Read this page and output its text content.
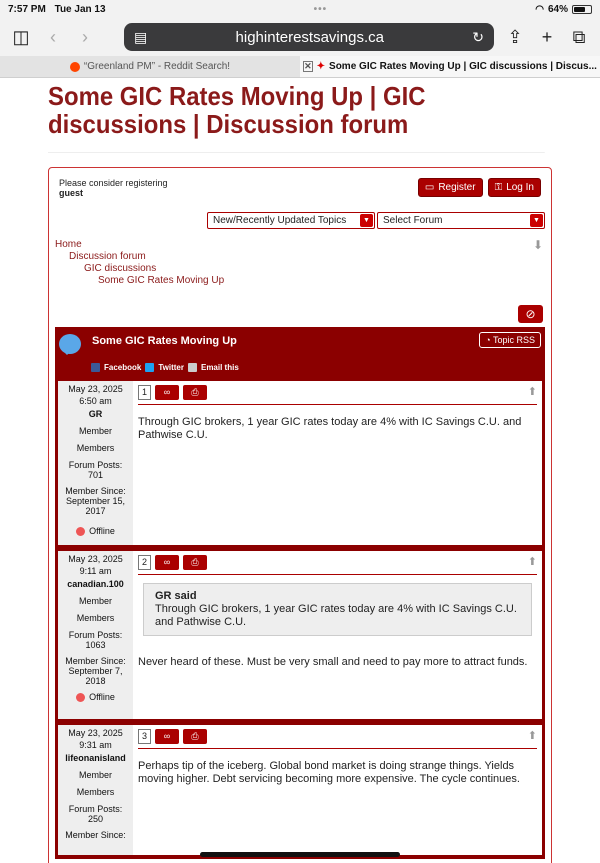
7:57 PM Tue Jan 13	•••	◠ 64%
◫	‹	›	▤	highinterestsavings.ca	↻ ⇪	+	⧉
“Greenland PM” - Reddit Search!	✕ ✦ Some GIC Rates Moving Up | GIC discussions | Discus...
Some GIC Rates Moving Up | GIC discussions | Discussion forum
Please consider registering
guest	▭ Register ⚿ Log In
New/Recently Updated Topics	▼	Select Forum	▼
Home
Discussion forum
GIC discussions
Some GIC Rates Moving Up
⬇
⊘
Some GIC Rates Moving Up	◔ Topic RSS
Facebook Twitter Email this
May 23, 2025
6:50 am
GR
Member
Members
Forum Posts:
701
Member Since:
September 15, 2017
Offline
1	∞	⎙	⬆
Through GIC brokers, 1 year GIC rates today are 4% with IC Savings C.U. and Pathwise C.U.
May 23, 2025
9:11 am
canadian.100
Member
Members
Forum Posts:
1063
Member Since:
September 7, 2018
Offline
2	∞	⎙	⬆
GR said
Through GIC brokers, 1 year GIC rates today are 4% with IC Savings C.U. and Pathwise C.U.
Never heard of these. Must be very small and need to pay more to attract funds.
May 23, 2025
9:31 am
lifeonanisland
Member
Members
Forum Posts:
250
Member Since:
3	∞	⎙	⬆
Perhaps tip of the iceberg. Global bond market is doing strange things. Yields moving higher. Debt servicing becoming more expensive. The cycle continues.
